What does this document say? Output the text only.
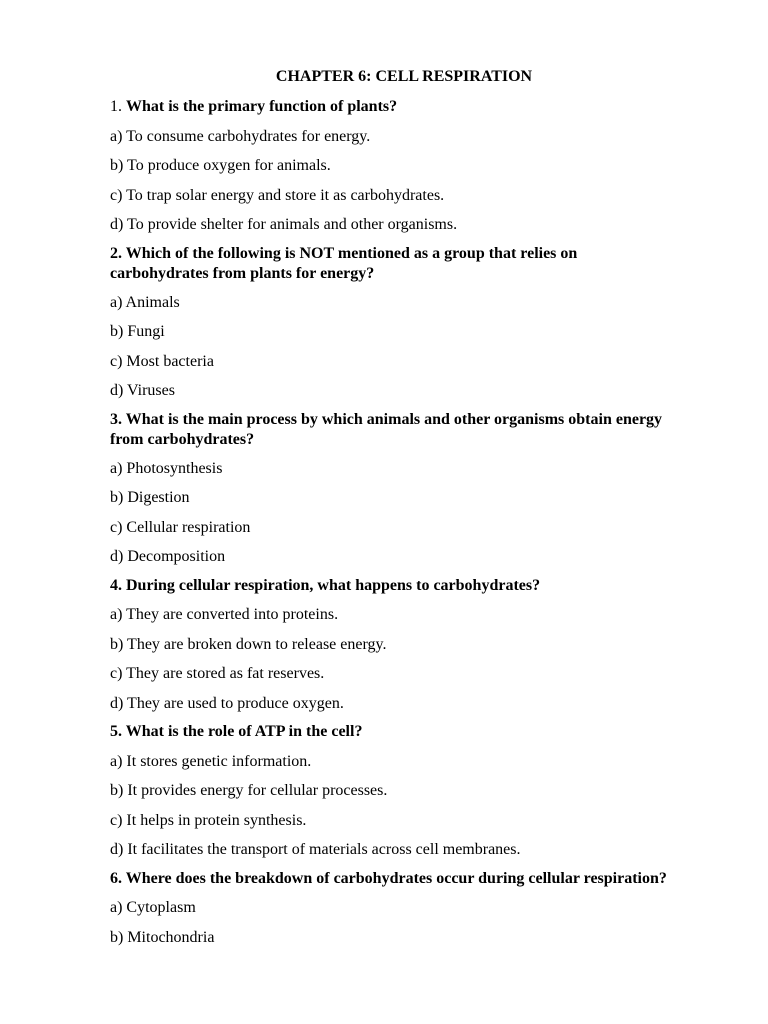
CHAPTER 6: CELL RESPIRATION
1. What is the primary function of plants?
a) To consume carbohydrates for energy.
b) To produce oxygen for animals.
c) To trap solar energy and store it as carbohydrates.
d) To provide shelter for animals and other organisms.
2. Which of the following is NOT mentioned as a group that relies on
carbohydrates from plants for energy?
a) Animals
b) Fungi
c) Most bacteria
d) Viruses
3. What is the main process by which animals and other organisms obtain energy
from carbohydrates?
a) Photosynthesis
b) Digestion
c) Cellular respiration
d) Decomposition
4. During cellular respiration, what happens to carbohydrates?
a) They are converted into proteins.
b) They are broken down to release energy.
c) They are stored as fat reserves.
d) They are used to produce oxygen.
5. What is the role of ATP in the cell?
a) It stores genetic information.
b) It provides energy for cellular processes.
c) It helps in protein synthesis.
d) It facilitates the transport of materials across cell membranes.
6. Where does the breakdown of carbohydrates occur during cellular respiration?
a) Cytoplasm
b) Mitochondria
